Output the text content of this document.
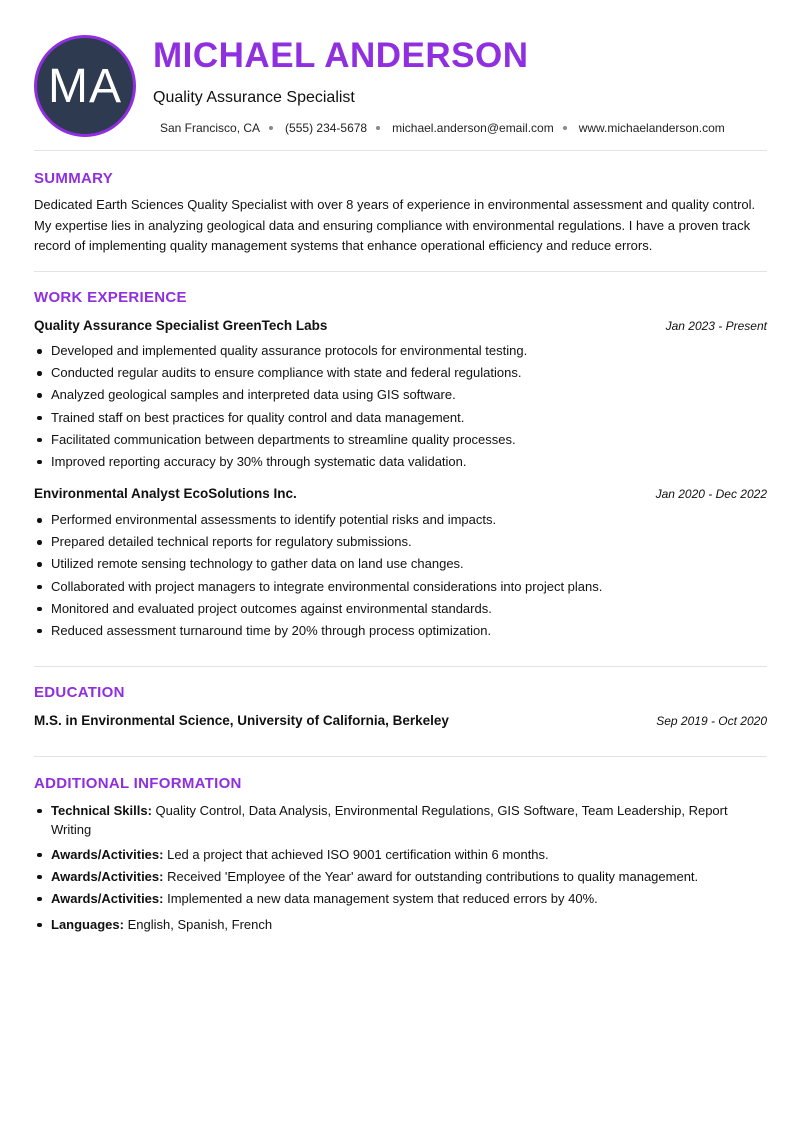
MA
MICHAEL ANDERSON
Quality Assurance Specialist
San Francisco, CA (555) 234-5678 michael.anderson@email.com www.michaelanderson.com
SUMMARY
Dedicated Earth Sciences Quality Specialist with over 8 years of experience in environmental assessment and quality control. My expertise lies in analyzing geological data and ensuring compliance with environmental regulations. I have a proven track record of implementing quality management systems that enhance operational efficiency and reduce errors.
WORK EXPERIENCE
Quality Assurance Specialist GreenTech Labs	Jan 2023 - Present
Developed and implemented quality assurance protocols for environmental testing.
Conducted regular audits to ensure compliance with state and federal regulations.
Analyzed geological samples and interpreted data using GIS software.
Trained staff on best practices for quality control and data management.
Facilitated communication between departments to streamline quality processes.
Improved reporting accuracy by 30% through systematic data validation.
Environmental Analyst EcoSolutions Inc.	Jan 2020 - Dec 2022
Performed environmental assessments to identify potential risks and impacts.
Prepared detailed technical reports for regulatory submissions.
Utilized remote sensing technology to gather data on land use changes.
Collaborated with project managers to integrate environmental considerations into project plans.
Monitored and evaluated project outcomes against environmental standards.
Reduced assessment turnaround time by 20% through process optimization.
EDUCATION
M.S. in Environmental Science, University of California, Berkeley	Sep 2019 - Oct 2020
ADDITIONAL INFORMATION
Technical Skills: Quality Control, Data Analysis, Environmental Regulations, GIS Software, Team Leadership, Report Writing
Awards/Activities: Led a project that achieved ISO 9001 certification within 6 months.
Awards/Activities: Received 'Employee of the Year' award for outstanding contributions to quality management.
Awards/Activities: Implemented a new data management system that reduced errors by 40%.
Languages: English, Spanish, French
